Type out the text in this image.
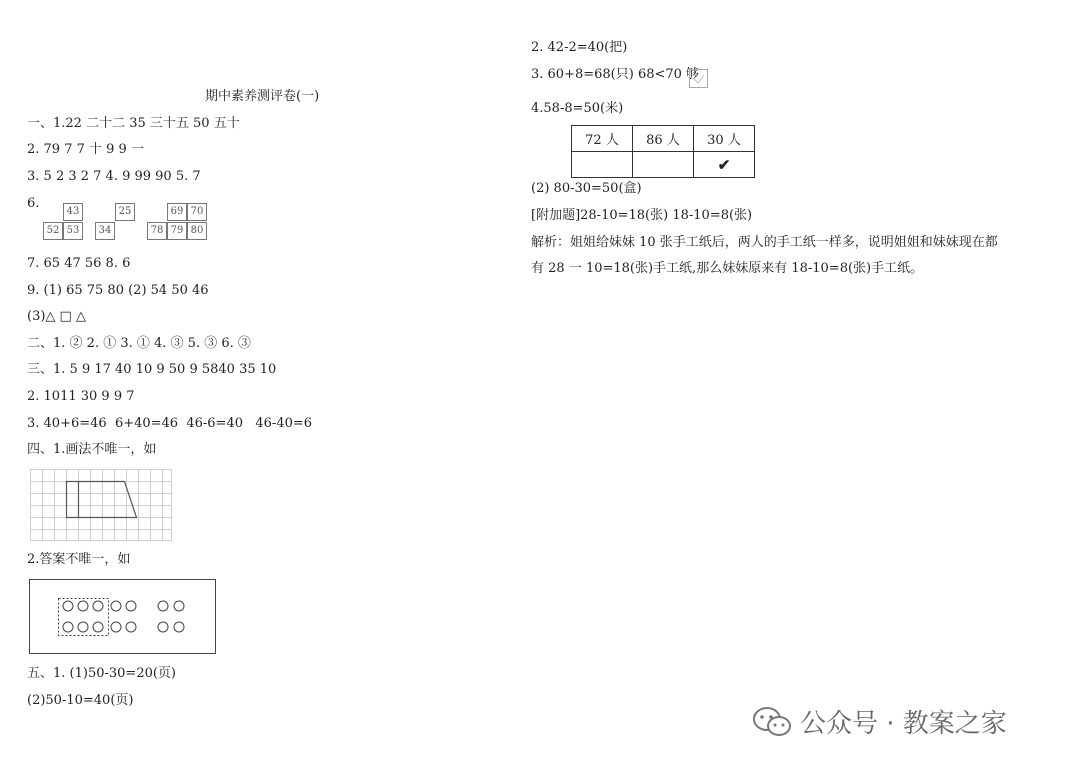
期中素养测评卷(一)
一、1.22 二十二 35 三十五 50 五十
2. 79 7 7 十 9 9 一
3. 5 2 3 2 7 4. 9 99 90 5. 7
6.
43
52 53
25
34
69 70
78 79 80
7. 65 47 56 8. 6
9. (1) 65 75 80 (2) 54 50 46
(3)△ □ △
二、1. ② 2. ① 3. ① 4. ③ 5. ③ 6. ③
三、1. 5 9 17 40 10 9 50 9 5840 35 10
2. 1011 30 9 9 7
3. 40+6=46  6+40=46  46-6=40   46-40=6
四、1.画法不唯一，如
2.答案不唯一，如
五、1. (1)50-30=20(页)
(2)50-10=40(页)
2. 42-2=40(把)
3. 60+8=68(只) 68<70 够
4.58-8=50(米)
72 人	86 人	30 人
		✔
(2) 80-30=50(盒)
[附加题]28-10=18(张) 18-10=8(张)
解析：姐姐给妹妹 10 张手工纸后，两人的手工纸一样多，说明姐姐和妹妹现在都
有 28 一 10=18(张)手工纸,那么妹妹原来有 18-10=8(张)手工纸。
公众号 · 教案之家
